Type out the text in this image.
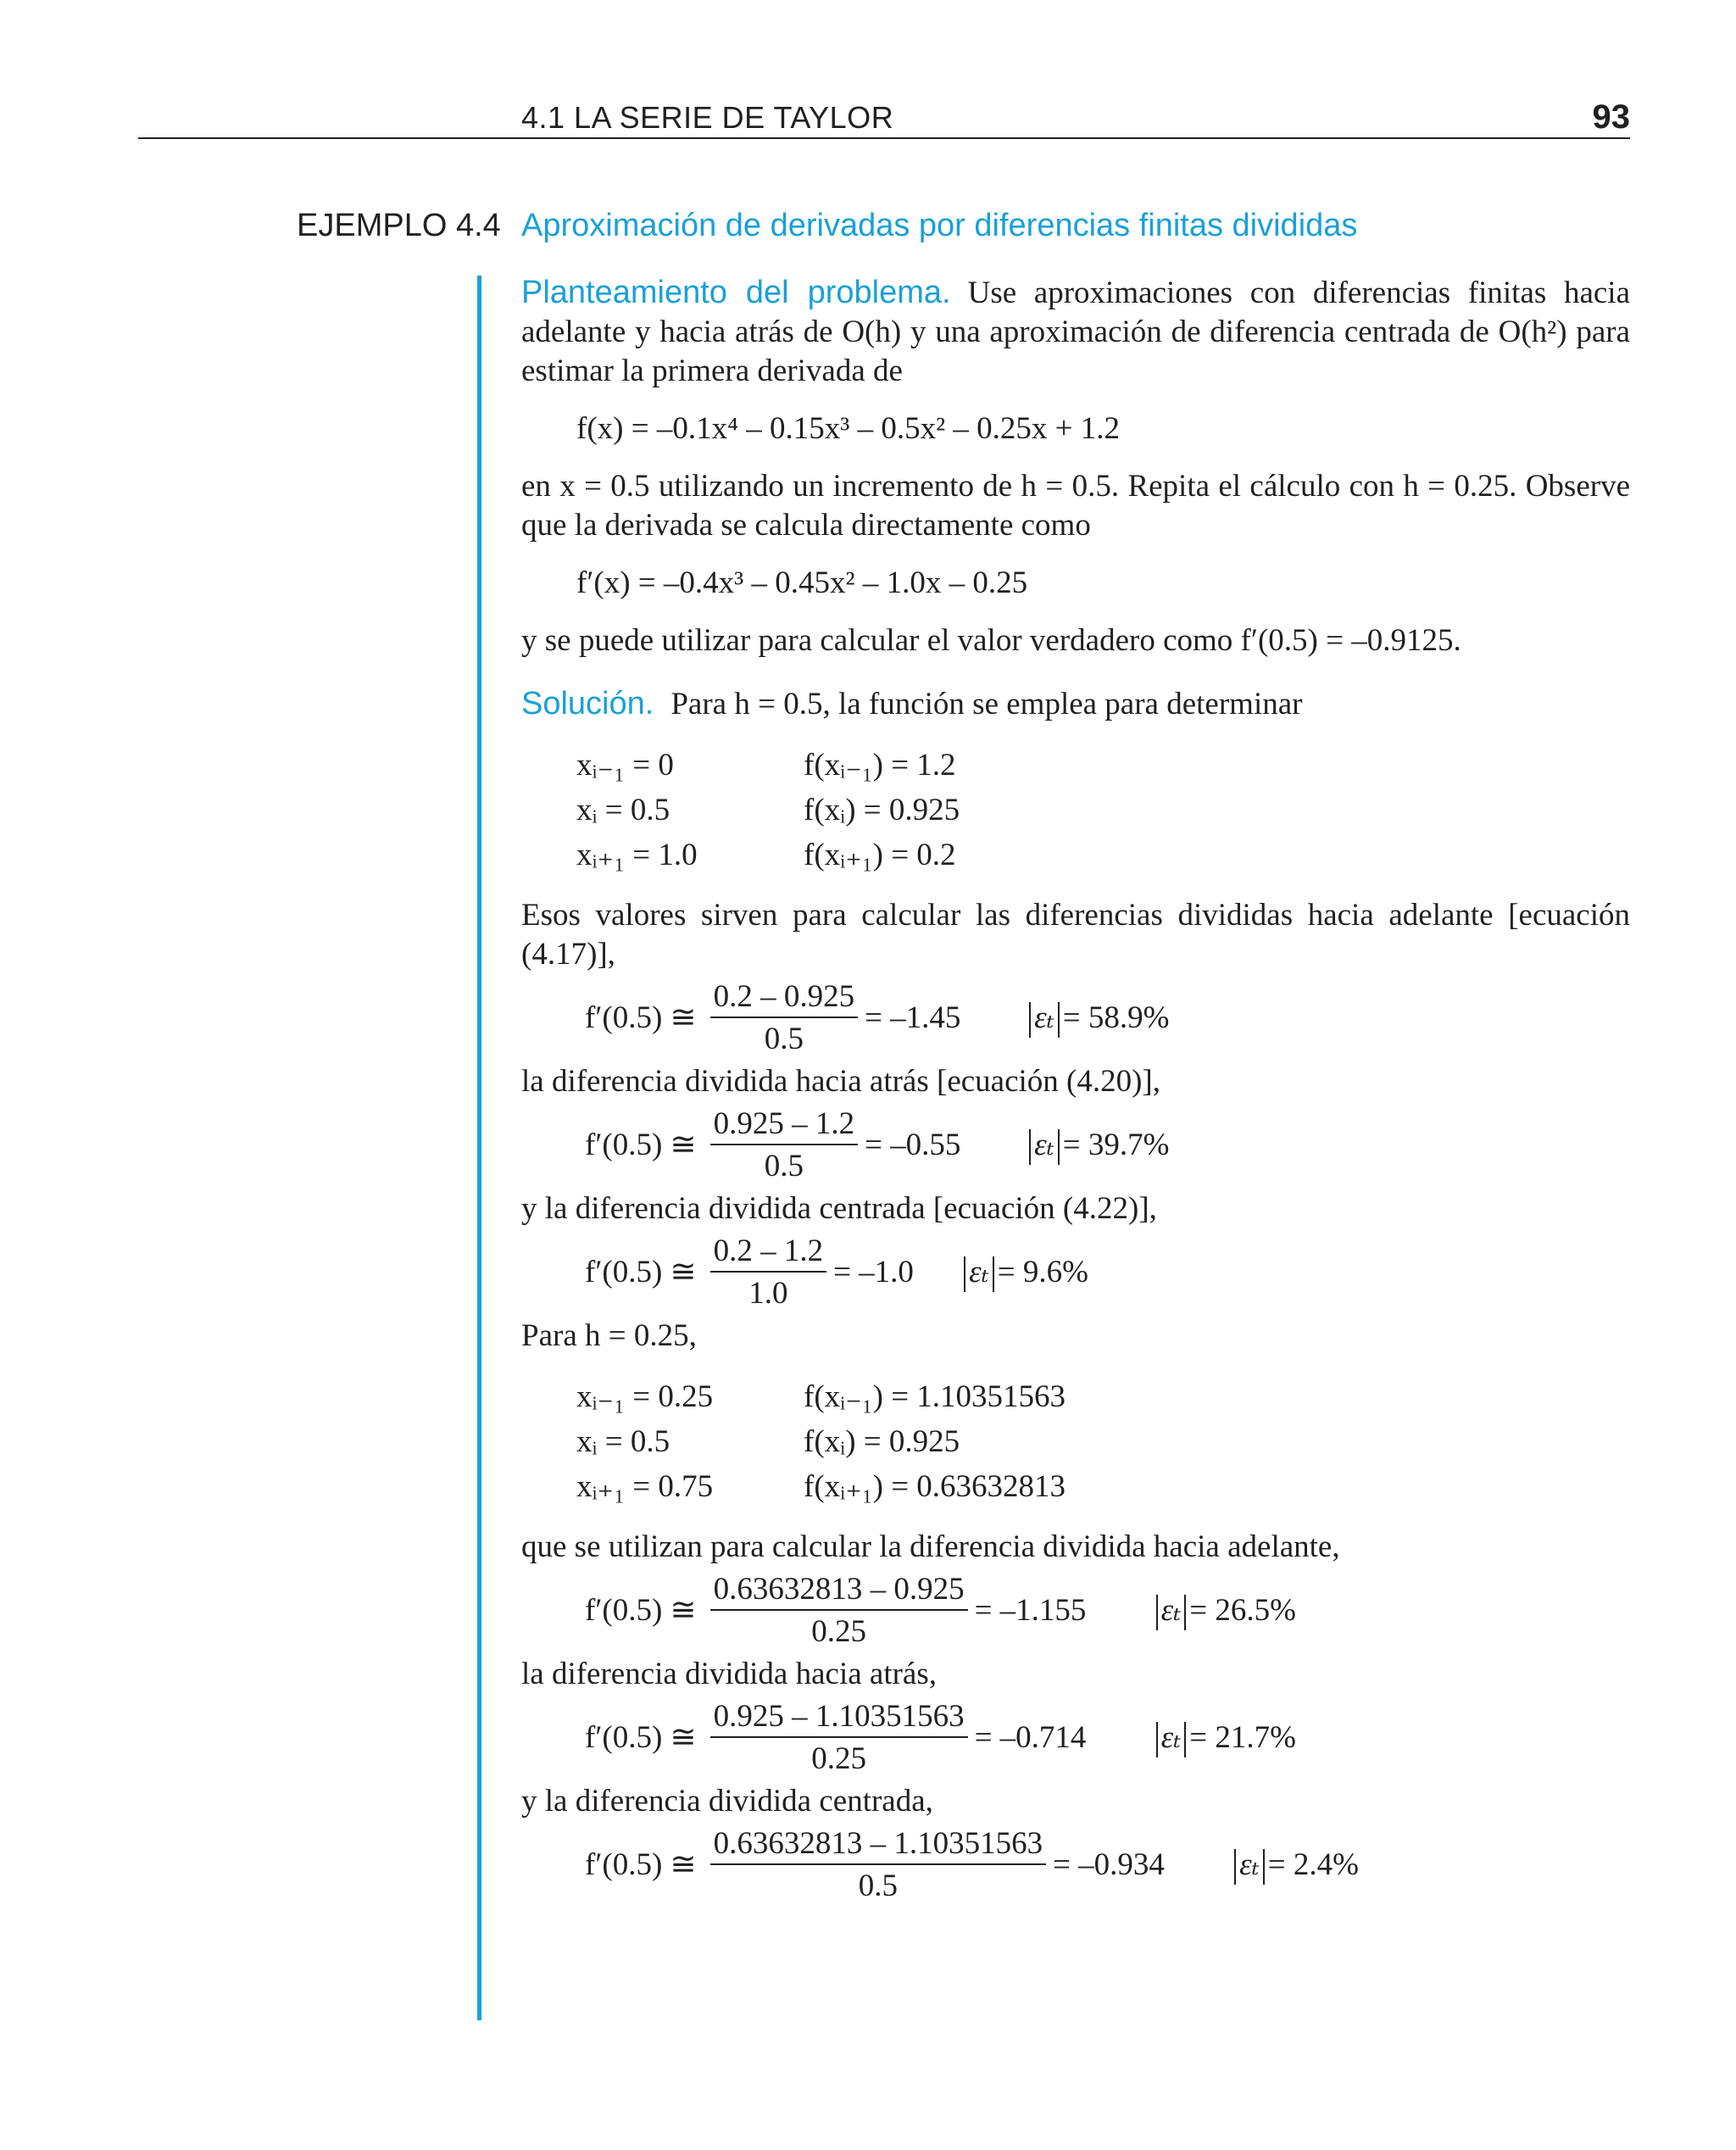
4.1 LA SERIE DE TAYLOR	93
EJEMPLO 4.4 Aproximación de derivadas por diferencias finitas divididas

Planteamiento del problema. Use aproximaciones con diferencias finitas hacia adelante y hacia atrás de O(h) y una aproximación de diferencia centrada de O(h²) para estimar la primera derivada de

f(x) = –0.1x⁴ – 0.15x³ – 0.5x² – 0.25x + 1.2

en x = 0.5 utilizando un incremento de h = 0.5. Repita el cálculo con h = 0.25. Observe que la derivada se calcula directamente como

f′(x) = –0.4x³ – 0.45x² – 1.0x – 0.25

y se puede utilizar para calcular el valor verdadero como f′(0.5) = –0.9125.

Solución. Para h = 0.5, la función se emplea para determinar

xᵢ₋₁ = 0	f(xᵢ₋₁) = 1.2
xᵢ = 0.5	f(xᵢ) = 0.925
xᵢ₊₁ = 1.0	f(xᵢ₊₁) = 0.2

Esos valores sirven para calcular las diferencias divididas hacia adelante [ecuación (4.17)],

f′(0.5) ≅ $\frac{0.2 - 0.925}{0.5} = -1.45$	εₜ = 58.9%

la diferencia dividida hacia atrás [ecuación (4.20)],

f′(0.5) ≅ $\frac{0.925 - 1.2}{0.5} = -0.55$	εₜ = 39.7%

y la diferencia dividida centrada [ecuación (4.22)],

f′(0.5) ≅ $\frac{0.2 - 1.2}{1.0} = -1.0$	εₜ = 9.6%

Para h = 0.25,

xᵢ₋₁ = 0.25	f(xᵢ₋₁) = 1.10351563
xᵢ = 0.5	f(xᵢ) = 0.925
xᵢ₊₁ = 0.75	f(xᵢ₊₁) = 0.63632813

que se utilizan para calcular la diferencia dividida hacia adelante,

f′(0.5) ≅ $\frac{0.63632813 - 0.925}{0.25} = -1.155$	εₜ = 26.5%

la diferencia dividida hacia atrás,

f′(0.5) ≅ $\frac{0.925 - 1.10351563}{0.25} = -0.714$	εₜ = 21.7%

y la diferencia dividida centrada,

f′(0.5) ≅ $\frac{0.63632813 - 1.10351563}{0.5} = -0.934$	εₜ = 2.4%
